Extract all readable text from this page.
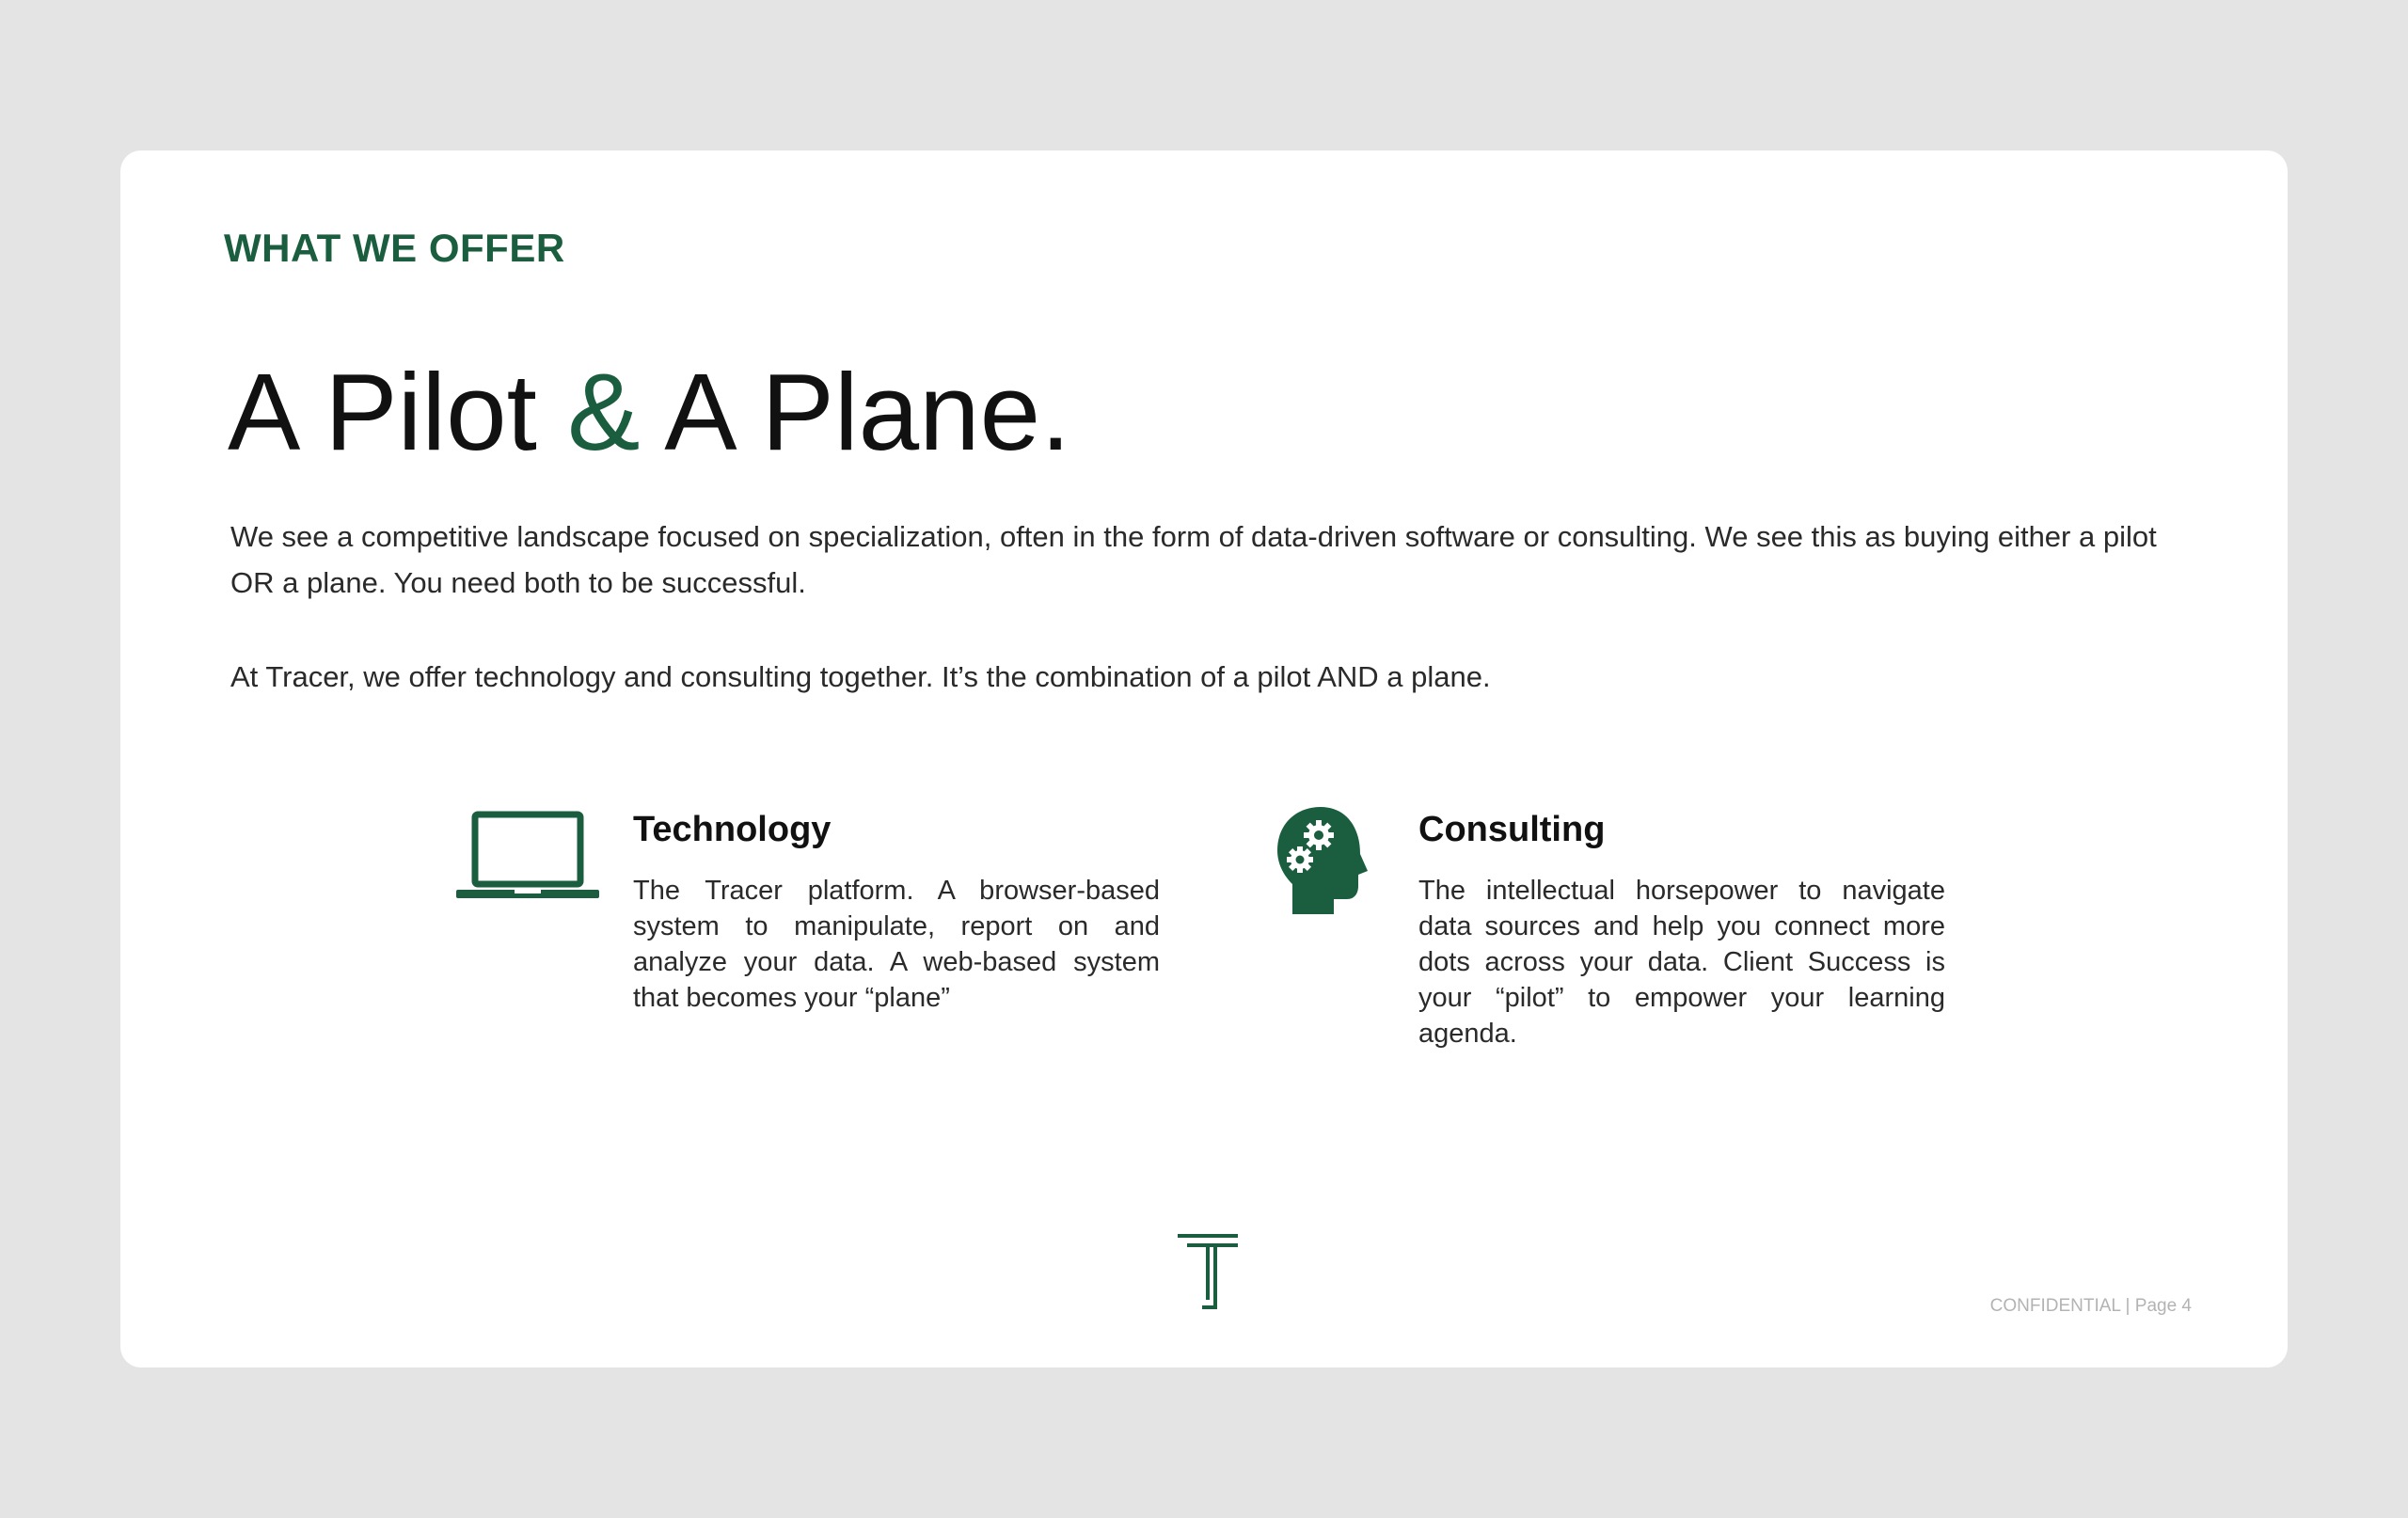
WHAT WE OFFER
A Pilot & A Plane.

We see a competitive landscape focused on specialization, often in the form of data-driven software or consulting. We see this as buying either a pilot OR a plane. You need both to be successful.

At Tracer, we offer technology and consulting together. It’s the combination of a pilot AND a plane.

Technology

The Tracer platform. A browser-based system to manipulate, report on and analyze your data. A web-based system that becomes your “plane”

Consulting

The intellectual horsepower to navigate data sources and help you connect more dots across your data. Client Success is your “pilot” to empower your learning agenda.

CONFIDENTIAL | Page 4
